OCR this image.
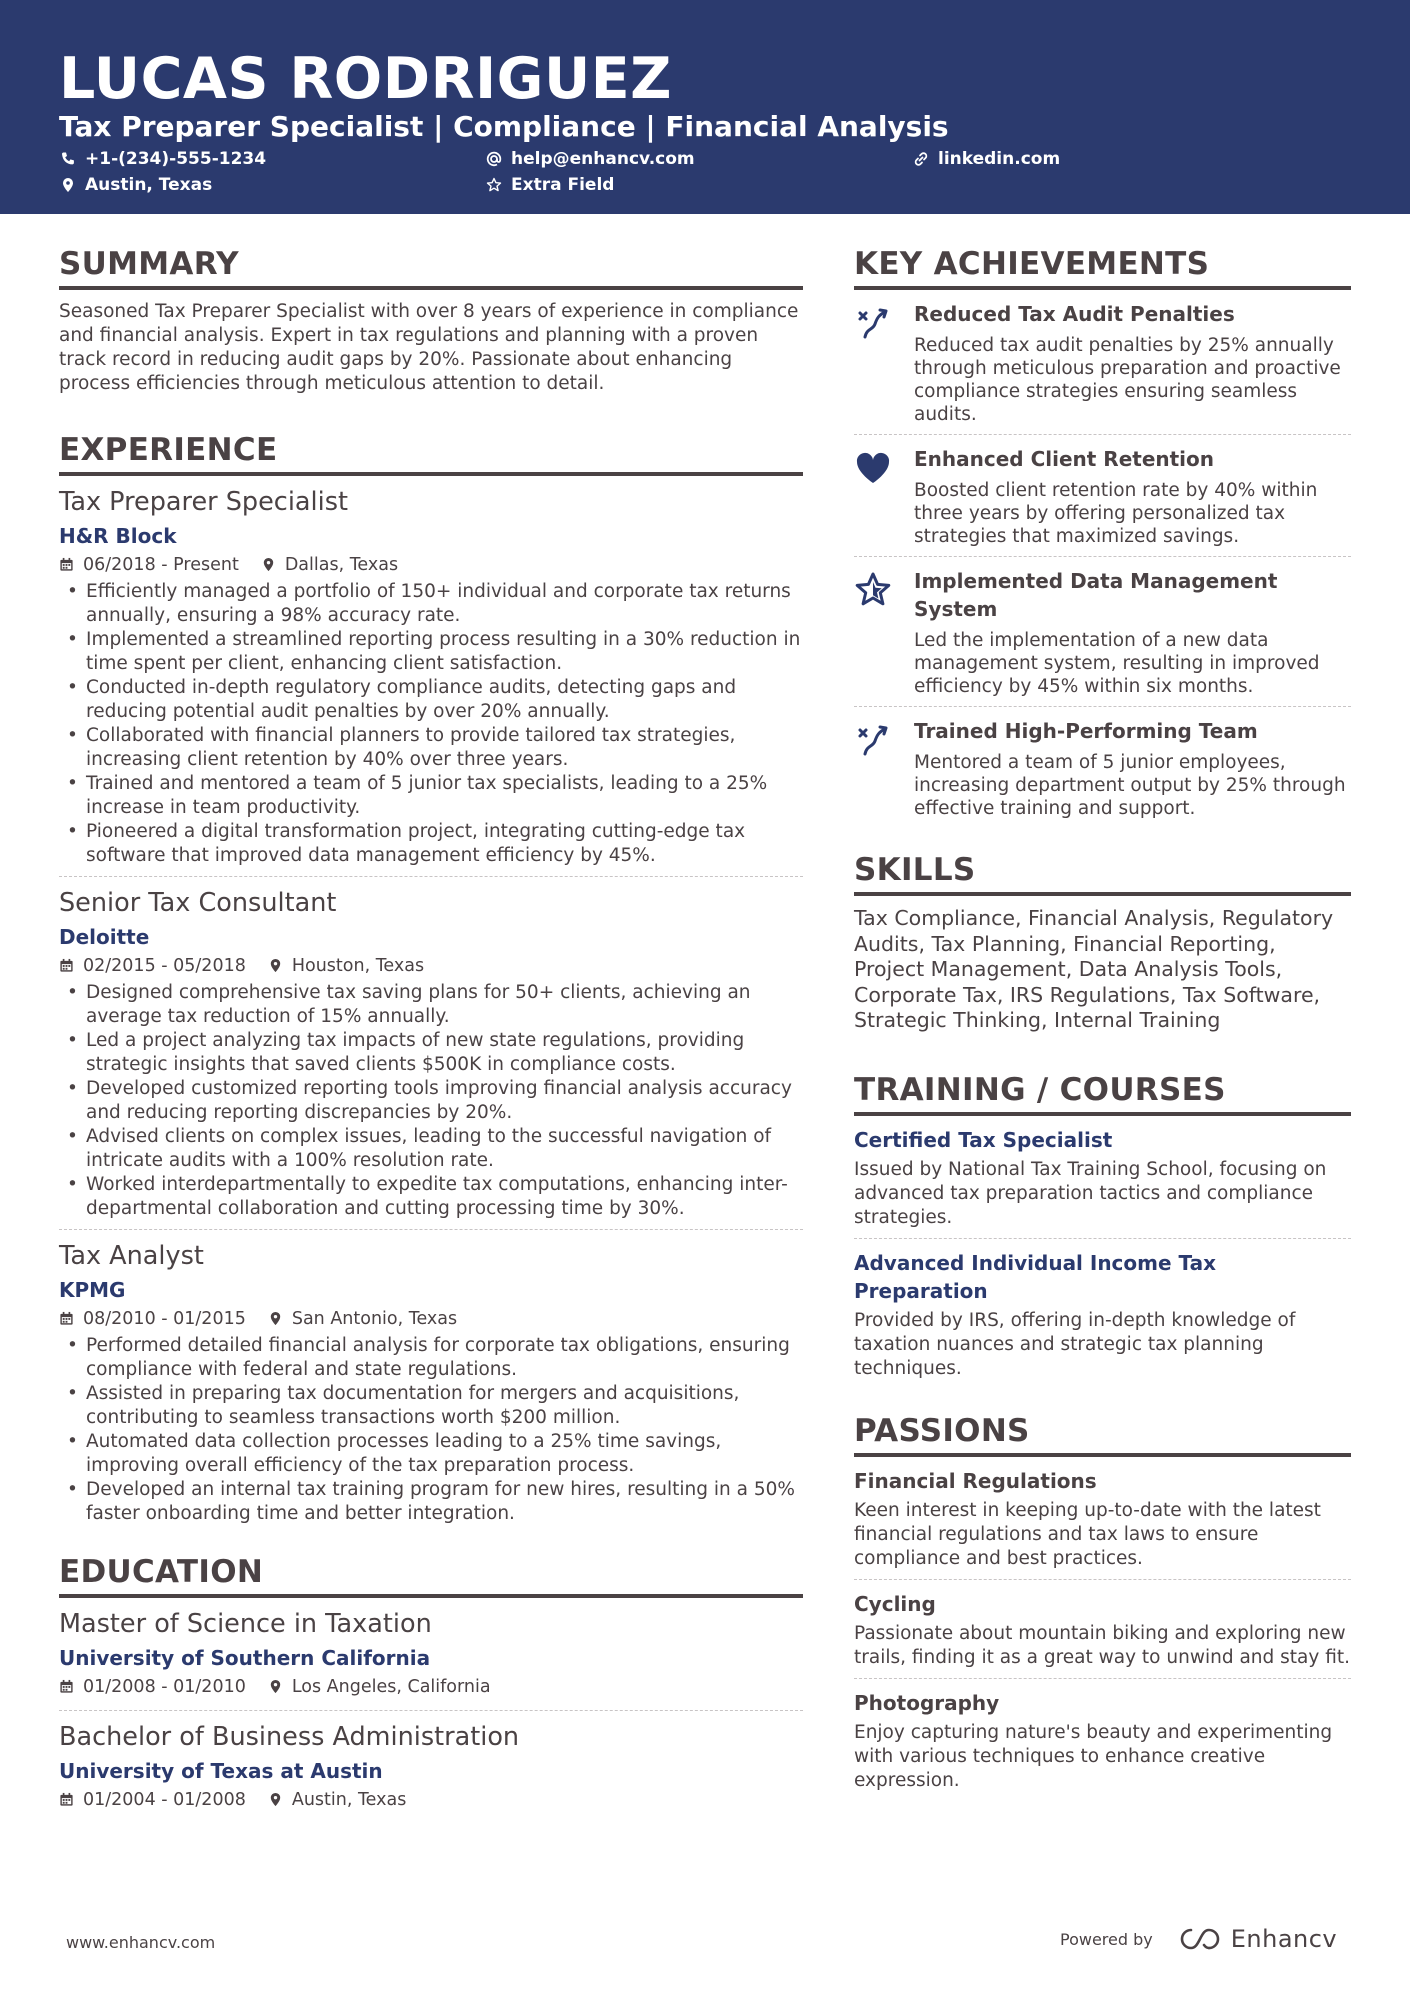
LUCAS RODRIGUEZ
Tax Preparer Specialist | Compliance | Financial Analysis
+1-(234)-555-1234	help@enhancv.com	linkedin.com
Austin, Texas	Extra Field
SUMMARY
Seasoned Tax Preparer Specialist with over 8 years of experience in compliance and financial analysis. Expert in tax regulations and planning with a proven track record in reducing audit gaps by 20%. Passionate about enhancing process efficiencies through meticulous attention to detail.
EXPERIENCE
Tax Preparer Specialist
H&R Block
06/2018 - Present	Dallas, Texas
• Efficiently managed a portfolio of 150+ individual and corporate tax returns annually, ensuring a 98% accuracy rate.
• Implemented a streamlined reporting process resulting in a 30% reduction in time spent per client, enhancing client satisfaction.
• Conducted in-depth regulatory compliance audits, detecting gaps and reducing potential audit penalties by over 20% annually.
• Collaborated with financial planners to provide tailored tax strategies, increasing client retention by 40% over three years.
• Trained and mentored a team of 5 junior tax specialists, leading to a 25% increase in team productivity.
• Pioneered a digital transformation project, integrating cutting-edge tax software that improved data management efficiency by 45%.
Senior Tax Consultant
Deloitte
02/2015 - 05/2018	Houston, Texas
• Designed comprehensive tax saving plans for 50+ clients, achieving an average tax reduction of 15% annually.
• Led a project analyzing tax impacts of new state regulations, providing strategic insights that saved clients $500K in compliance costs.
• Developed customized reporting tools improving financial analysis accuracy and reducing reporting discrepancies by 20%.
• Advised clients on complex issues, leading to the successful navigation of intricate audits with a 100% resolution rate.
• Worked interdepartmentally to expedite tax computations, enhancing inter-departmental collaboration and cutting processing time by 30%.
Tax Analyst
KPMG
08/2010 - 01/2015	San Antonio, Texas
• Performed detailed financial analysis for corporate tax obligations, ensuring compliance with federal and state regulations.
• Assisted in preparing tax documentation for mergers and acquisitions, contributing to seamless transactions worth $200 million.
• Automated data collection processes leading to a 25% time savings, improving overall efficiency of the tax preparation process.
• Developed an internal tax training program for new hires, resulting in a 50% faster onboarding time and better integration.
EDUCATION
Master of Science in Taxation
University of Southern California
01/2008 - 01/2010	Los Angeles, California
Bachelor of Business Administration
University of Texas at Austin
01/2004 - 01/2008	Austin, Texas
KEY ACHIEVEMENTS
Reduced Tax Audit Penalties
Reduced tax audit penalties by 25% annually through meticulous preparation and proactive compliance strategies ensuring seamless audits.
Enhanced Client Retention
Boosted client retention rate by 40% within three years by offering personalized tax strategies that maximized savings.
Implemented Data Management System
Led the implementation of a new data management system, resulting in improved efficiency by 45% within six months.
Trained High-Performing Team
Mentored a team of 5 junior employees, increasing department output by 25% through effective training and support.
SKILLS
Tax Compliance, Financial Analysis, Regulatory Audits, Tax Planning, Financial Reporting, Project Management, Data Analysis Tools, Corporate Tax, IRS Regulations, Tax Software, Strategic Thinking, Internal Training
TRAINING / COURSES
Certified Tax Specialist
Issued by National Tax Training School, focusing on advanced tax preparation tactics and compliance strategies.
Advanced Individual Income Tax Preparation
Provided by IRS, offering in-depth knowledge of taxation nuances and strategic tax planning techniques.
PASSIONS
Financial Regulations
Keen interest in keeping up-to-date with the latest financial regulations and tax laws to ensure compliance and best practices.
Cycling
Passionate about mountain biking and exploring new trails, finding it as a great way to unwind and stay fit.
Photography
Enjoy capturing nature's beauty and experimenting with various techniques to enhance creative expression.
www.enhancv.com	Powered by	Enhancv
